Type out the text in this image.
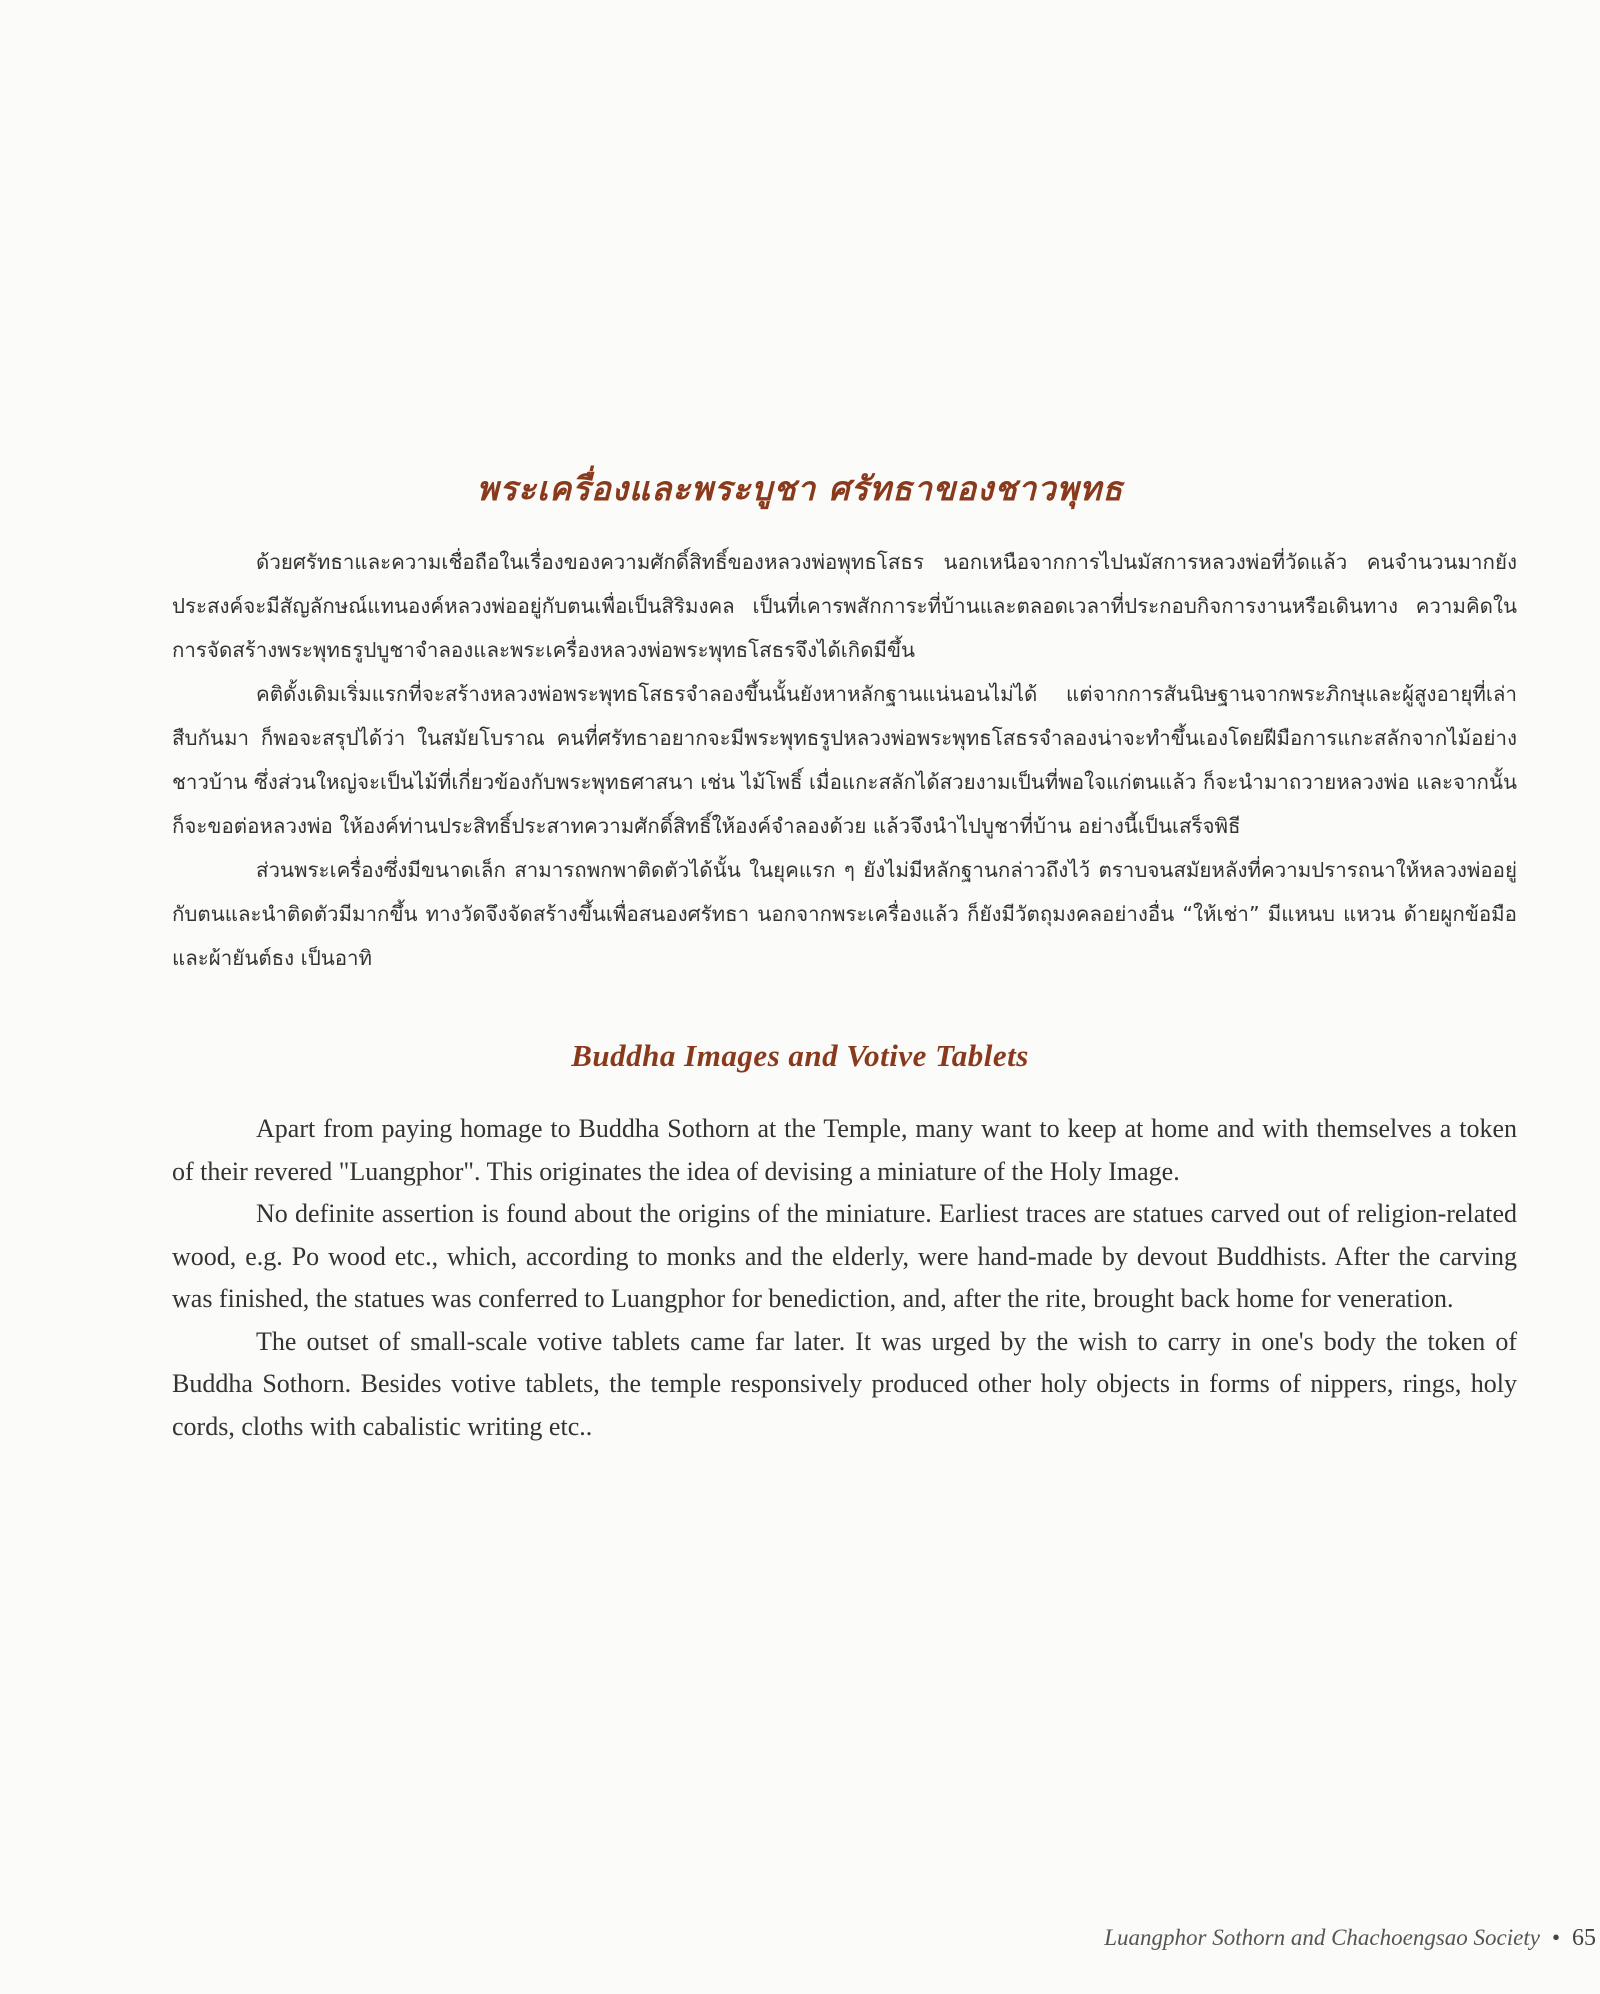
พระเครื่องและพระบูชา ศรัทธาของชาวพุทธ

ด้วยศรัทธาและความเชื่อถือในเรื่องของความศักดิ์สิทธิ์ของหลวงพ่อพุทธโสธร นอกเหนือจากการไปนมัสการหลวงพ่อที่วัดแล้ว คนจำนวนมากยังประสงค์จะมีสัญลักษณ์แทนองค์หลวงพ่ออยู่กับตนเพื่อเป็นสิริมงคล เป็นที่เคารพสักการะที่บ้านและตลอดเวลาที่ประกอบกิจการงานหรือเดินทาง ความคิดในการจัดสร้างพระพุทธรูปบูชาจำลองและพระเครื่องหลวงพ่อพระพุทธโสธรจึงได้เกิดมีขึ้น

คติดั้งเดิมเริ่มแรกที่จะสร้างหลวงพ่อพระพุทธโสธรจำลองขึ้นนั้นยังหาหลักฐานแน่นอนไม่ได้ แต่จากการสันนิษฐานจากพระภิกษุและผู้สูงอายุที่เล่าสืบกันมา ก็พอจะสรุปได้ว่า ในสมัยโบราณ คนที่ศรัทธาอยากจะมีพระพุทธรูปหลวงพ่อพระพุทธโสธรจำลองน่าจะทำขึ้นเองโดยฝีมือการแกะสลักจากไม้อย่างชาวบ้าน ซึ่งส่วนใหญ่จะเป็นไม้ที่เกี่ยวข้องกับพระพุทธศาสนา เช่น ไม้โพธิ์ เมื่อแกะสลักได้สวยงามเป็นที่พอใจแก่ตนแล้ว ก็จะนำมาถวายหลวงพ่อ และจากนั้นก็จะขอต่อหลวงพ่อ ให้องค์ท่านประสิทธิ์ประสาทความศักดิ์สิทธิ์ให้องค์จำลองด้วย แล้วจึงนำไปบูชาที่บ้าน อย่างนี้เป็นเสร็จพิธี

ส่วนพระเครื่องซึ่งมีขนาดเล็ก สามารถพกพาติดตัวได้นั้น ในยุคแรก ๆ ยังไม่มีหลักฐานกล่าวถึงไว้ ตราบจนสมัยหลังที่ความปรารถนาให้หลวงพ่ออยู่กับตนและนำติดตัวมีมากขึ้น ทางวัดจึงจัดสร้างขึ้นเพื่อสนองศรัทธา นอกจากพระเครื่องแล้ว ก็ยังมีวัตถุมงคลอย่างอื่น “ให้เช่า” มีแหนบ แหวน ด้ายผูกข้อมือและผ้ายันต์ธง เป็นอาทิ

Buddha Images and Votive Tablets

Apart from paying homage to Buddha Sothorn at the Temple, many want to keep at home and with themselves a token of their revered "Luangphor". This originates the idea of devising a miniature of the Holy Image.

No definite assertion is found about the origins of the miniature. Earliest traces are statues carved out of religion-related wood, e.g. Po wood etc., which, according to monks and the elderly, were hand-made by devout Buddhists. After the carving was finished, the statues was conferred to Luangphor for benediction, and, after the rite, brought back home for veneration.

The outset of small-scale votive tablets came far later. It was urged by the wish to carry in one's body the token of Buddha Sothorn. Besides votive tablets, the temple responsively produced other holy objects in forms of nippers, rings, holy cords, cloths with cabalistic writing etc..

Luangphor Sothorn and Chachoengsao Society • 65
